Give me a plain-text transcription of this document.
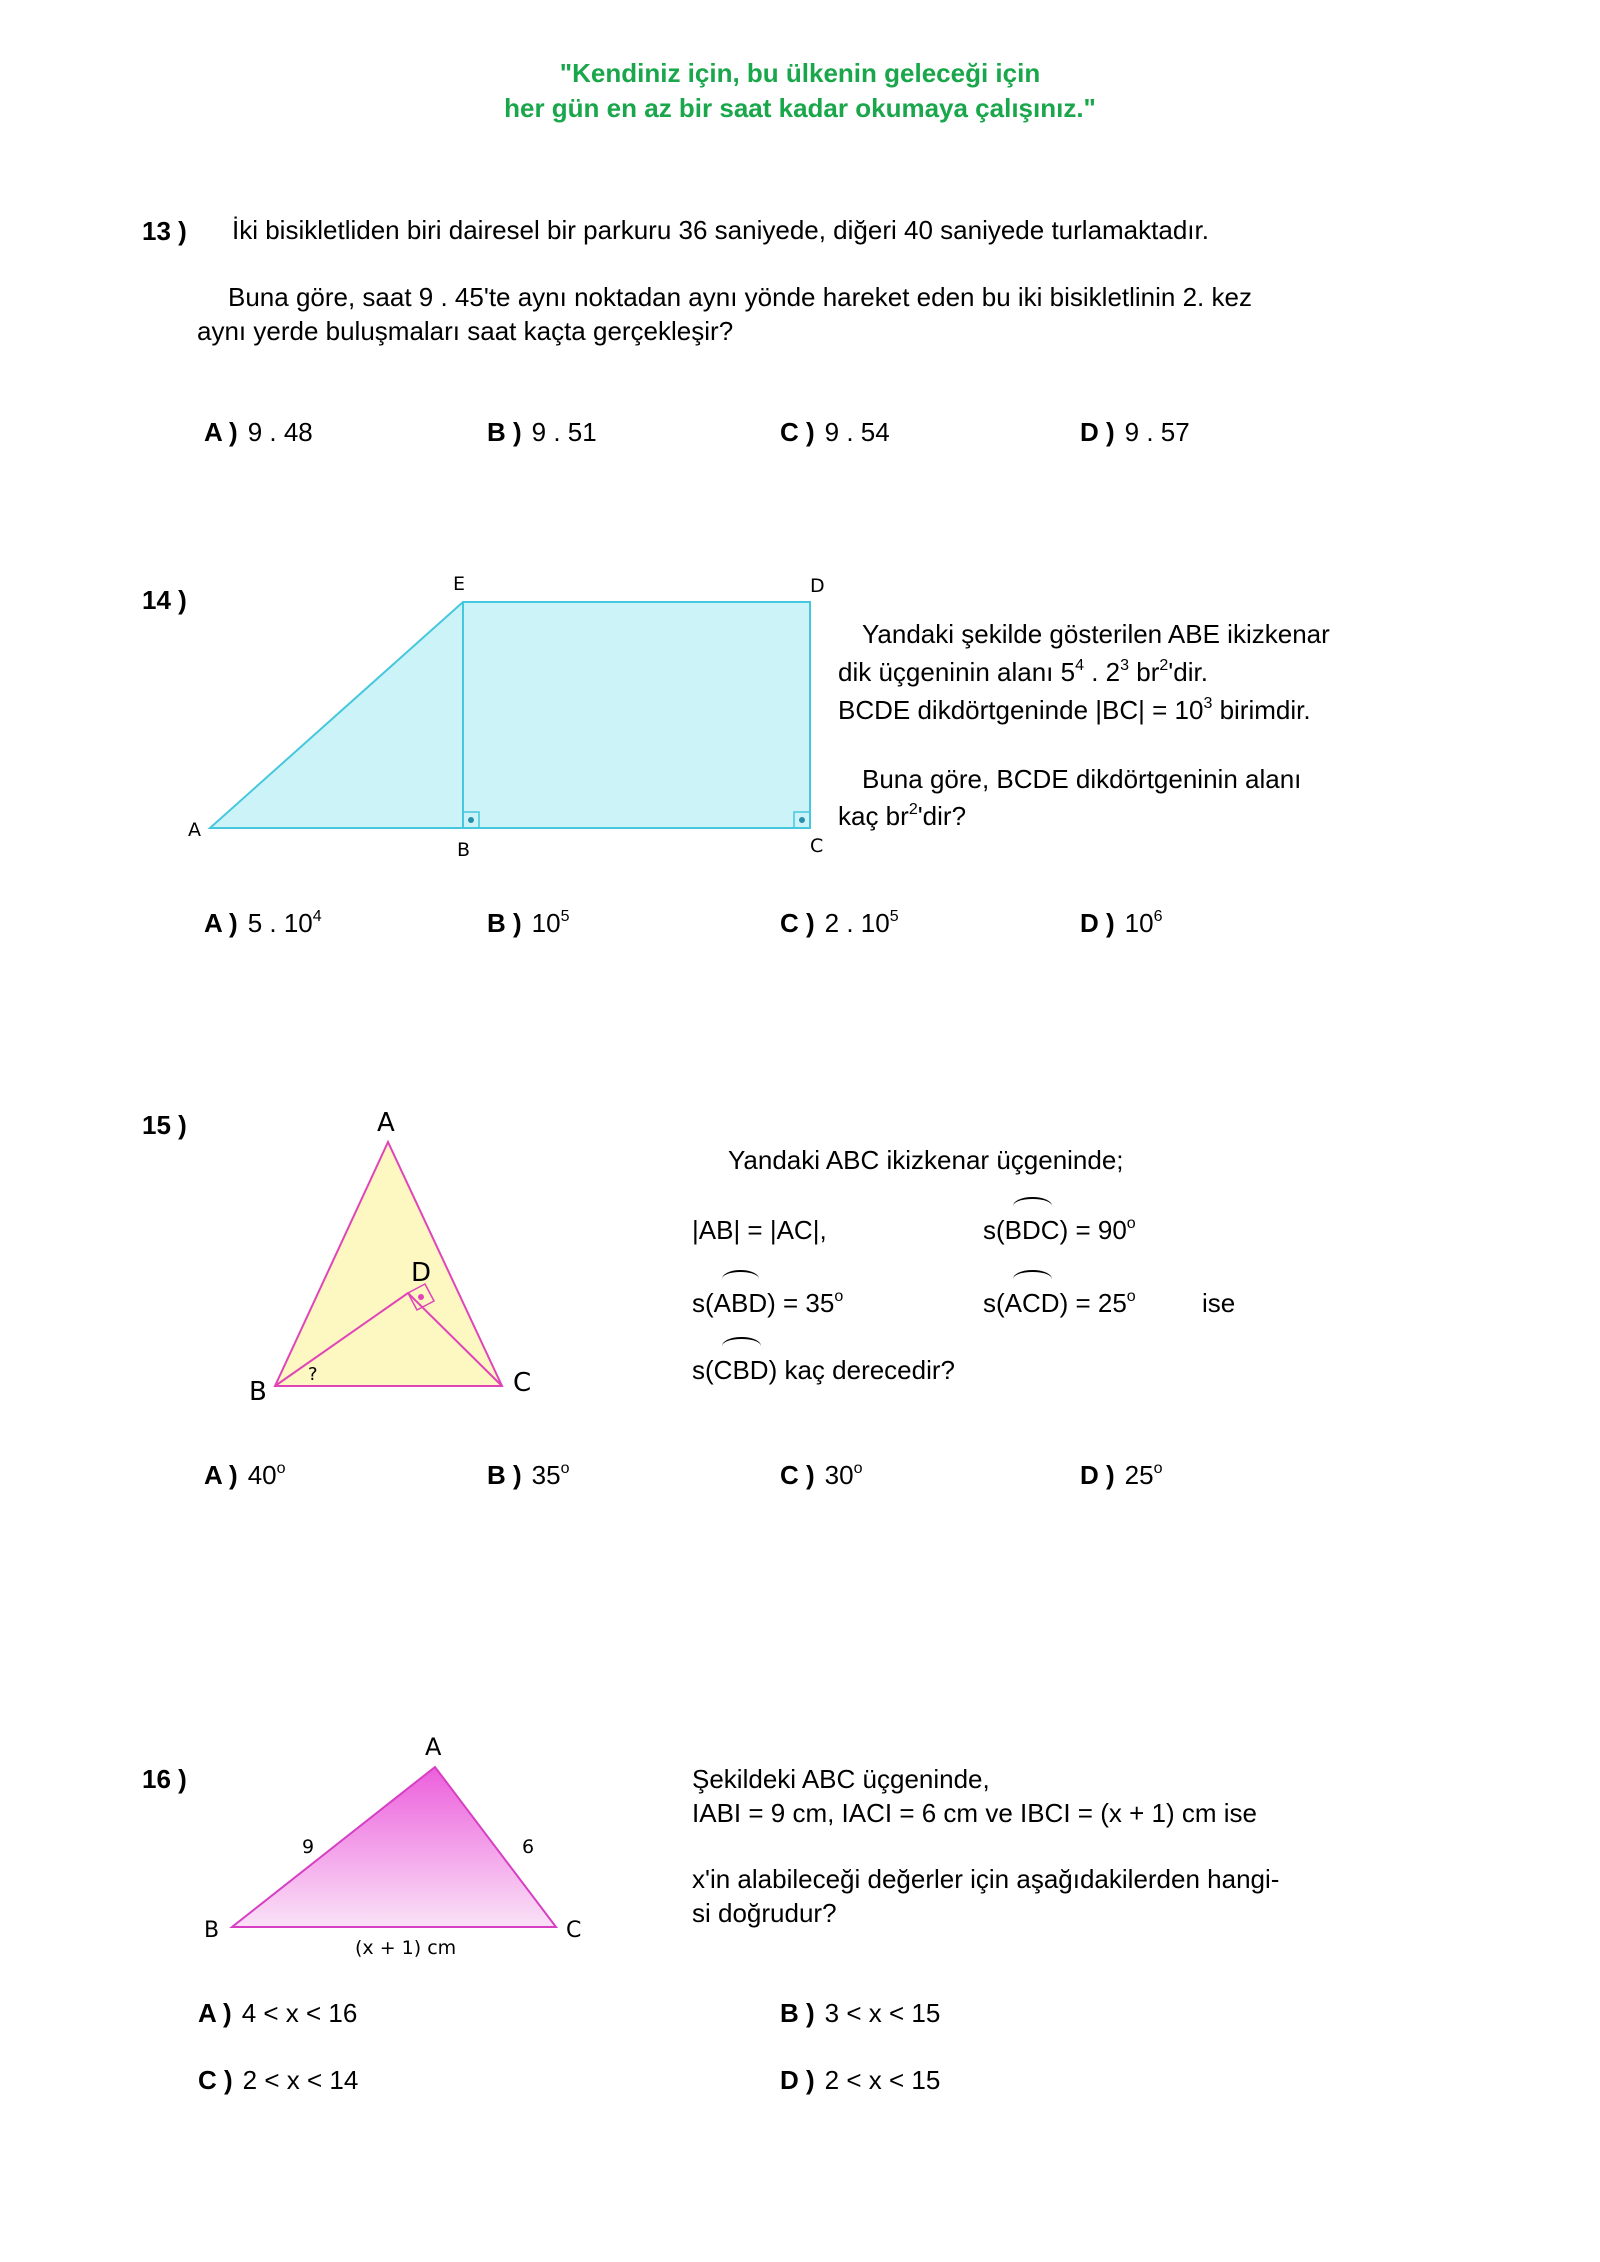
"Kendiniz için, bu ülkenin geleceği için
her gün en az bir saat kadar okumaya çalışınız."
13 ) İki bisikletliden biri dairesel bir parkuru 36 saniyede, diğeri 40 saniyede turlamaktadır.
Buna göre, saat 9 . 45'te aynı noktadan aynı yönde hareket eden bu iki bisikletlinin 2. kez
aynı yerde buluşmaları saat kaçta gerçekleşir?
A ) 9 . 48	B ) 9 . 51	C ) 9 . 54	D ) 9 . 57
14 )
A
B	C
D
E
Yandaki şekilde gösterilen ABE ikizkenar
dik üçgeninin alanı $5^4$ . $2^3$ $br^2'dir$.
BCDE dikdörtgeninde $|BC| = 10^3$ birimdir.
Buna göre, BCDE dikdörtgeninin alanı
kaç $br^2'dir$?
A ) 5 . $10^4$	B ) $10^5$	C ) 2 . $10^5$	D ) $10^6$
15 )	A
B	C
D
?
Yandaki ABC ikizkenar üçgeninde;
|AB| = |AC|,	$s(BDC) = 90^o$
$s(ABD) = 35^o$	$s(ACD) = 25^o$	ise
s(CBD) kaç derecedir?
A ) 40$^o$	B ) 35$^o$	C ) 30$^o$	D ) 25$^o$
16 )
A
B	C
9	6
(x + 1) cm
Şekildeki ABC üçgeninde,
IABI = 9 cm, IACI = 6 cm ve IBCI = (x + 1) cm ise
x'in alabileceği değerler için aşağıdakilerden hangi-
si doğrudur?
A ) 4 < x < 16	B ) 3 < x < 15
C ) 2 < x < 14	D ) 2 < x < 15
